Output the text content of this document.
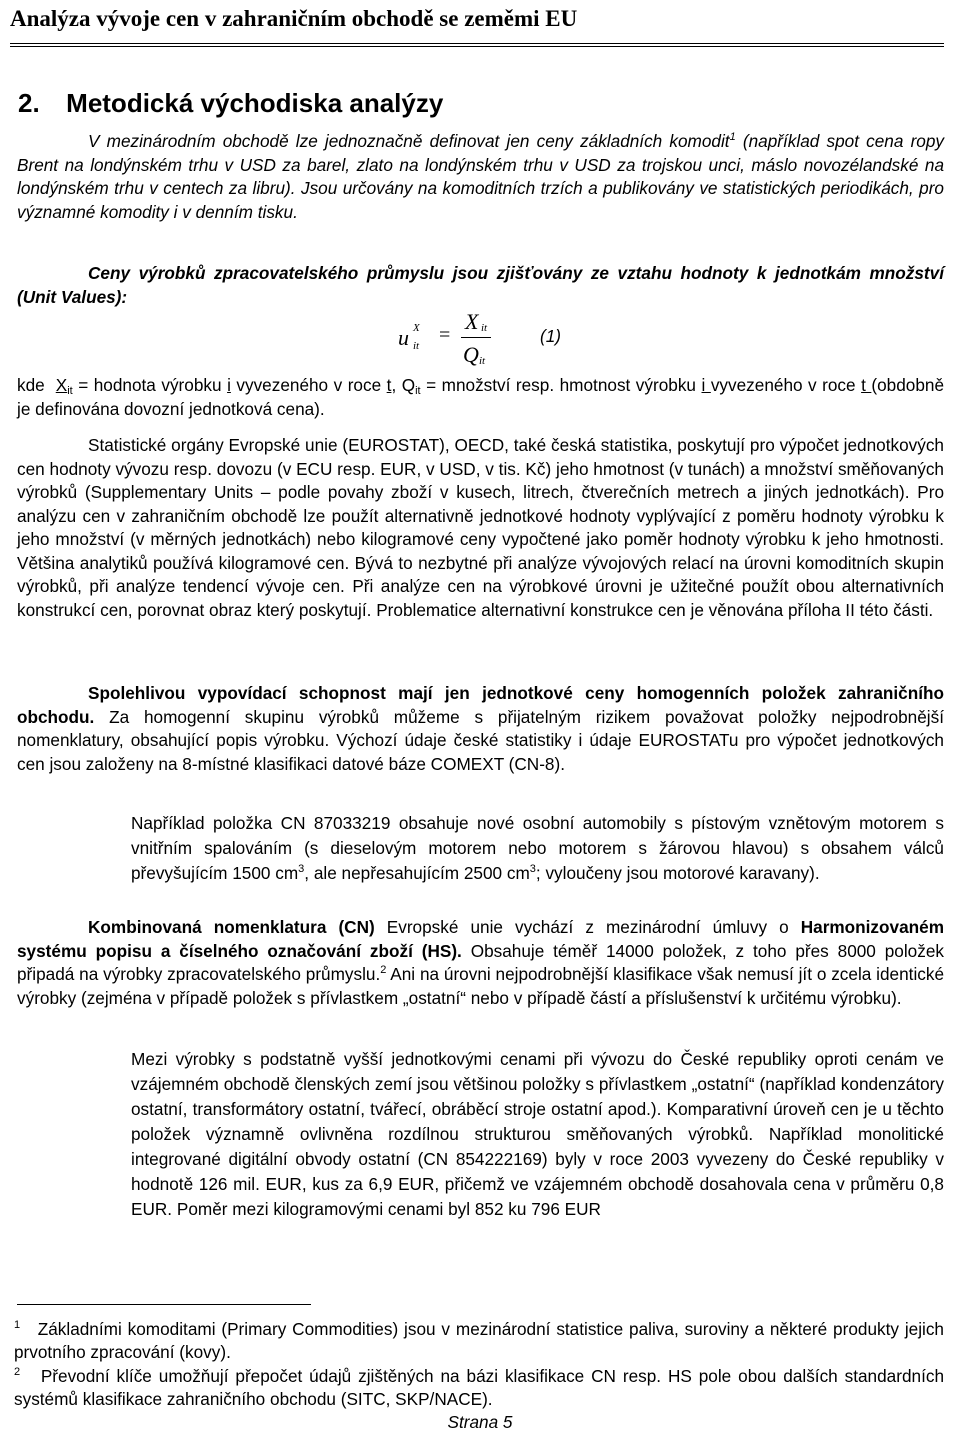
Analýza vývoje cen v zahraničním obchodě se zeměmi EU
2. Metodická východiska analýzy
V mezinárodním obchodě lze jednoznačně definovat jen ceny základních komodit$^1$ (například spot cena ropy Brent na londýnském trhu v USD za barel, zlato na londýnském trhu v USD za trojskou unci, máslo novozélandské na londýnském trhu v centech za libru). Jsou určovány na komoditních trzích a publikovány ve statistických periodikách, pro významné komodity i v denním tisku.
Ceny výrobků zpracovatelského průmyslu jsou zjišťovány ze vztahu hodnoty k jednotkám množství (Unit Values):
u X
it =
X it
Q it
(1)
kde $X_{it}$ = hodnota výrobku i vyvezeného v roce t, $Q_{it}$ = množství resp. hmotnost výrobku i vyvezeného v roce t (obdobně je definována dovozní jednotková cena).
Statistické orgány Evropské unie (EUROSTAT), OECD, také česká statistika, poskytují pro výpočet jednotkových cen hodnoty vývozu resp. dovozu (v ECU resp. EUR, v USD, v tis. Kč) jeho hmotnost (v tunách) a množství směňovaných výrobků (Supplementary Units – podle povahy zboží v kusech, litrech, čtverečních metrech a jiných jednotkách). Pro analýzu cen v zahraničním obchodě lze použít alternativně jednotkové hodnoty vyplývající z poměru hodnoty výrobku k jeho množství (v měrných jednotkách) nebo kilogramové ceny vypočtené jako poměr hodnoty výrobku k jeho hmotnosti. Většina analytiků používá kilogramové cen. Bývá to nezbytné při analýze vývojových relací na úrovni komoditních skupin výrobků, při analýze tendencí vývoje cen. Při analýze cen na výrobkové úrovni je užitečné použít obou alternativních konstrukcí cen, porovnat obraz který poskytují. Problematice alternativní konstrukce cen je věnována příloha II této části.
Spolehlivou vypovídací schopnost mají jen jednotkové ceny homogenních položek zahraničního obchodu. Za homogenní skupinu výrobků můžeme s přijatelným rizikem považovat položky nejpodrobnější nomenklatury, obsahující popis výrobku. Výchozí údaje české statistiky i údaje EUROSTATu pro výpočet jednotkových cen jsou založeny na 8-místné klasifikaci datové báze COMEXT (CN-8).
Například položka CN 87033219 obsahuje nové osobní automobily s pístovým vznětovým motorem s vnitřním spalováním (s dieselovým motorem nebo motorem s žárovou hlavou) s obsahem válců převyšujícím 1500 $cm^3$, ale nepřesahujícím 2500 $cm^3$; vyloučeny jsou motorové karavany).
Kombinovaná nomenklatura (CN) Evropské unie vychází z mezinárodní úmluvy o Harmonizovaném systému popisu a číselného označování zboží (HS). Obsahuje téměř 14000 položek, z toho přes 8000 položek připadá na výrobky zpracovatelského průmyslu.$^2$ Ani na úrovni nejpodrobnější klasifikace však nemusí jít o zcela identické výrobky (zejména v případě položek s přívlastkem „ostatní“ nebo v případě částí a příslušenství k určitému výrobku).
Mezi výrobky s podstatně vyšší jednotkovými cenami při vývozu do České republiky oproti cenám ve vzájemném obchodě členských zemí jsou většinou položky s přívlastkem „ostatní“ (například kondenzátory ostatní, transformátory ostatní, tvářecí, obráběcí stroje ostatní apod.). Komparativní úroveň cen je u těchto položek významně ovlivněna rozdílnou strukturou směňovaných výrobků. Například monolitické integrované digitální obvody ostatní (CN 854222169) byly v roce 2003 vyvezeny do České republiky v hodnotě 126 mil. EUR, kus za 6,9 EUR, přičemž ve vzájemném obchodě dosahovala cena v průměru 0,8 EUR. Poměr mezi kilogramovými cenami byl 852 ku 796 EUR
$^1$ Základními komoditami (Primary Commodities) jsou v mezinárodní statistice paliva, suroviny a některé produkty jejich prvotního zpracování (kovy).
$^2$ Převodní klíče umožňují přepočet údajů zjištěných na bázi klasifikace CN resp. HS pole obou dalších standardních systémů klasifikace zahraničního obchodu (SITC, SKP/NACE).
Strana 5
